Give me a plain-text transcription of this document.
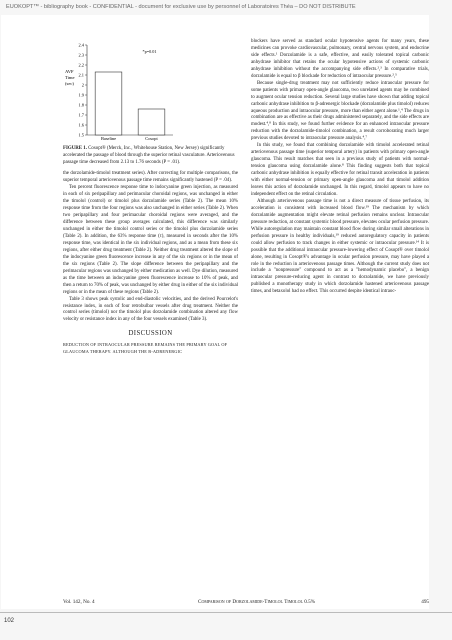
EUOKOPT™ - bibliography book - CONFIDENTIAL - document for exclusive use by personnel of Laboratoires Théa – DO NOT DISTRIBUTE
AVF
Time
(sec)
Baseline	Cosopt
*p=0.01
2.4
2.3
2.2
2.1
2
1.9
1.8
1.7
1.6
1.5

FIGURE 1. Cosopt® (Merck, Inc., Whitehouse Station, New Jersey) significantly accelerated the passage of blood through the superior retinal vasculature. Arteriovenous passage time decreased from 2.13 to 1.76 seconds (P = .01).

the dorzolamide-timolol treatment series). After correcting for multiple comparisons, the superior temporal arteriovenous passage time remains significantly hastened (P = .04).

Ten percent fluorescence response time to indocyanine green injection, as measured in each of six peripapillary and perimacular choroidal regions, was unchanged in either the timolol (control) or timolol plus dorzolamide series (Table 2). The mean 10% response time from the four regions was also unchanged in either series (Table 2). When two peripapillary and four perimacular choroidal regions were averaged, and the difference between these group averages calculated, this difference was similarly unchanged in either the timolol control series or the timolol plus dorzolamide series (Table 2). In addition, the 63% response time (τ), measured in seconds after the 10% response time, was identical in the six individual regions, and as a mean from these six regions, after either drug treatment (Table 2). Neither drug treatment altered the slope of the indocyanine green fluorescence increase in any of the six regions or in the mean of the six regions (Table 2). The slope difference between the peripapillary and the perimacular regions was unchanged by either medication as well. Dye dilution, measured as the time between an indocyanine green fluorescence increase to 10% of peak, and then a return to 70% of peak, was unchanged by either drug in either of the six individual regions or in the mean of these regions (Table 2).

Table 3 shows peak systolic and end-diastolic velocities, and the derived Pourcelot's resistance index, in each of four retrobulbar vessels after drug treatment. Neither the control series (timolol) nor the timolol plus dorzolamide combination altered any flow velocity or resistance index in any of the four vessels examined (Table 3).

DISCUSSION

REDUCTION OF INTRAOCULAR PRESSURE REMAINS THE PRIMARY GOAL OF GLAUCOMA THERAPY. ALTHOUGH THE Β-ADRENERGIC

blockers have served as standard ocular hypotensive agents for many years, these medicines can provoke cardiovascular, pulmonary, central nervous system, and endocrine side effects.¹ Dorzolamide is a safe, effective, and easily tolerated topical carbonic anhydrase inhibitor that retains the ocular hypotensive actions of systemic carbonic anhydrase inhibition without the accompanying side effects.²,³ In comparative trials, dorzolamide is equal to β blockade for reduction of intraocular pressure.²,⁵

Because single-drug treatment may not sufficiently reduce intraocular pressure for some patients with primary open-angle glaucoma, two unrelated agents may be combined to augment ocular tension reduction. Several large studies have shown that adding topical carbonic anhydrase inhibition to β-adrenergic blockade (dorzolamide plus timolol) reduces aqueous production and intraocular pressure, more than either agent alone.¹,⁴ The drugs in combination are as effective as their drugs administered separately, and the side effects are modest.⁴,⁸ In this study, we found further evidence for an enhanced intraocular pressure reduction with the dorzolamide-timolol combination, a result corroborating much larger previous studies devoted to intraocular pressure analysis.⁴,⁷

In this study, we found that combining dorzolamide with timolol accelerated retinal arteriovenous passage time (superior temporal artery) in patients with primary open-angle glaucoma. This result matches that seen in a previous study of patients with normal-tension glaucoma using dorzolamide alone.⁸ This finding suggests both that topical carbonic anhydrase inhibition is equally effective for retinal transit acceleration in patients with either normal-tension or primary open-angle glaucoma and that timolol addition leaves this action of dorzolamide unchanged. In this regard, timolol appears to have no independent effect on the retinal circulation.

Although arteriovenous passage time is not a direct measure of tissue perfusion, its acceleration is consistent with increased blood flow.¹⁹ The mechanism by which dorzolamide augmentation might elevate retinal perfusion remains unclear. Intraocular pressure reduction, at constant systemic blood pressure, elevates ocular perfusion pressure. While autoregulation may maintain constant blood flow during similar small alterations in perfusion pressure in healthy individuals,¹⁹ reduced autoregulatory capacity in patients could allow perfusion to track changes in either systemic or intraocular pressure.¹⁴ It is possible that the additional intraocular pressure-lowering effect of Cosopt® over timolol alone, resulting in Cosopt®'s advantage in ocular perfusion pressure, may have played a role in the reduction in arteriovenous passage times. Although the current study does not include a "nonpressure" compound to act as a "hemodynamic placebo", a benign intraocular pressure-reducing agent in contrast to dorzolamide, we have previously published a monotherapy study in which dorzolamide hastened arteriovenous passage times, and betaxolol had no effect. This occurred despite identical intraoc-

Vol. 142, No. 4	Comparison of Dorzolamide-Timolol Timolol 0.5%	495
102
